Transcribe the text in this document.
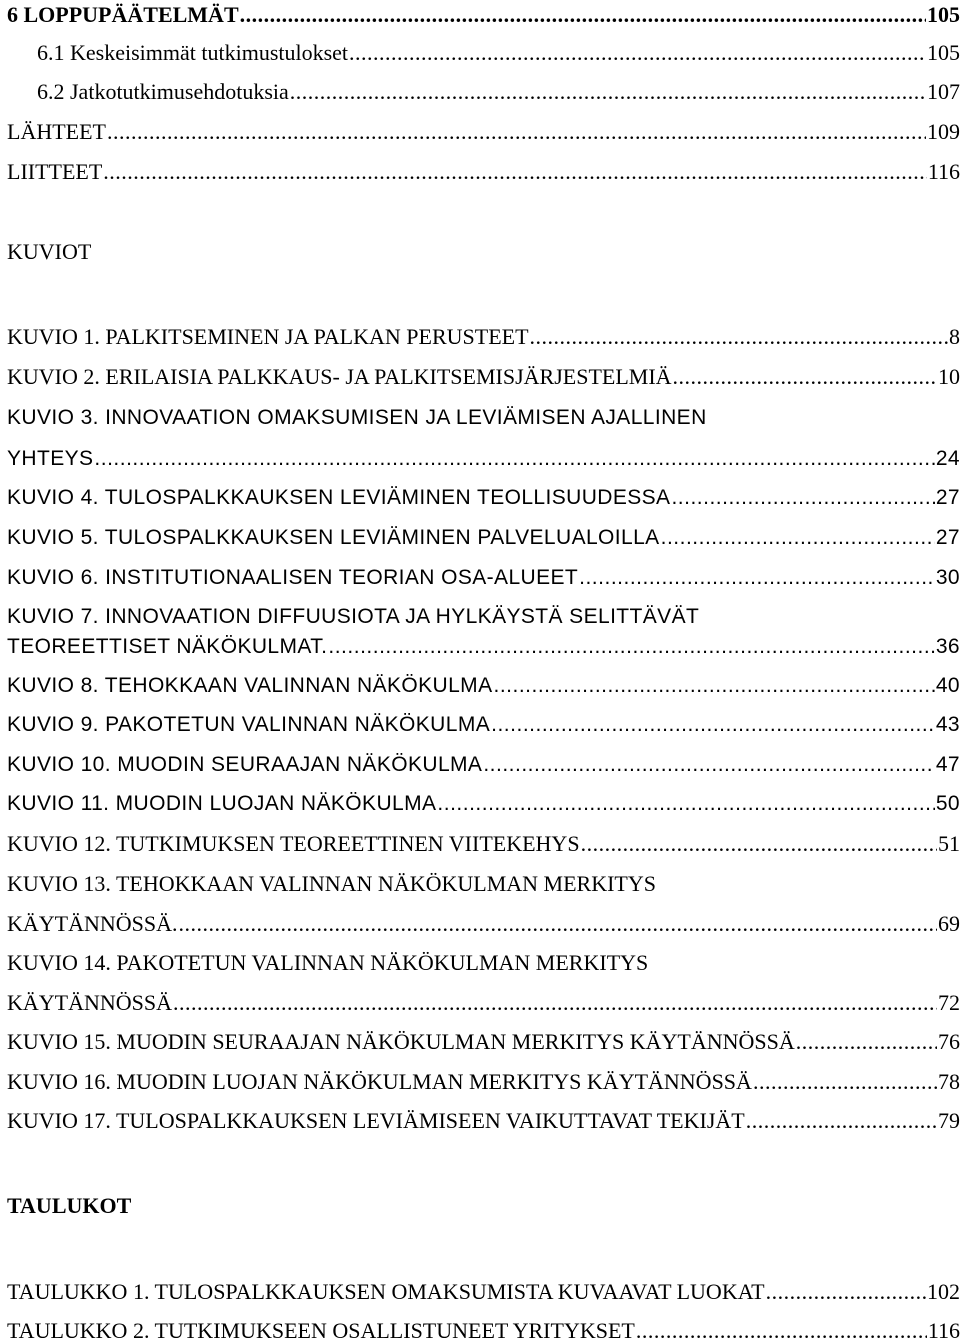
6 LOPPUPÄÄTELMÄT .....	105
6.1 Keskeisimmät tutkimustulokset .....	105
6.2 Jatkotutkimusehdotuksia .....	107
LÄHTEET .....	109
LIITTEET .....	116
KUVIOT
KUVIO 1. PALKITSEMINEN JA PALKAN PERUSTEET .....	8
KUVIO 2. ERILAISIA PALKKAUS- JA PALKITSEMISJÄRJESTELMIÄ .....	10
KUVIO 3. INNOVAATION OMAKSUMISEN JA LEVIÄMISEN AJALLINEN
YHTEYS .....	24
KUVIO 4. TULOSPALKKAUKSEN LEVIÄMINEN TEOLLISUUDESSA .....	27
KUVIO 5. TULOSPALKKAUKSEN LEVIÄMINEN PALVELUALOILLA .....	27
KUVIO 6. INSTITUTIONAALISEN TEORIAN OSA-ALUEET .....	30
KUVIO 7. INNOVAATION DIFFUUSIOTA JA HYLKÄYSTÄ SELITTÄVÄT
TEOREETTISET NÄKÖKULMAT. .....	36
KUVIO 8. TEHOKKAAN VALINNAN NÄKÖKULMA .....	40
KUVIO 9. PAKOTETUN VALINNAN NÄKÖKULMA .....	43
KUVIO 10. MUODIN SEURAAJAN NÄKÖKULMA .....	47
KUVIO 11. MUODIN LUOJAN NÄKÖKULMA .....	50
KUVIO 12. TUTKIMUKSEN TEOREETTINEN VIITEKEHYS .....	51
KUVIO 13. TEHOKKAAN VALINNAN NÄKÖKULMAN MERKITYS
KÄYTÄNNÖSSÄ. .....	69
KUVIO 14. PAKOTETUN VALINNAN NÄKÖKULMAN MERKITYS
KÄYTÄNNÖSSÄ .....	72
KUVIO 15. MUODIN SEURAAJAN NÄKÖKULMAN MERKITYS KÄYTÄNNÖSSÄ .....	76
KUVIO 16. MUODIN LUOJAN NÄKÖKULMAN MERKITYS KÄYTÄNNÖSSÄ .....	78
KUVIO 17. TULOSPALKKAUKSEN LEVIÄMISEEN VAIKUTTAVAT TEKIJÄT .....	79
TAULUKOT
TAULUKKO 1. TULOSPALKKAUKSEN OMAKSUMISTA KUVAAVAT LUOKAT .....	102
TAULUKKO 2. TUTKIMUKSEEN OSALLISTUNEET YRITYKSET .....	116
